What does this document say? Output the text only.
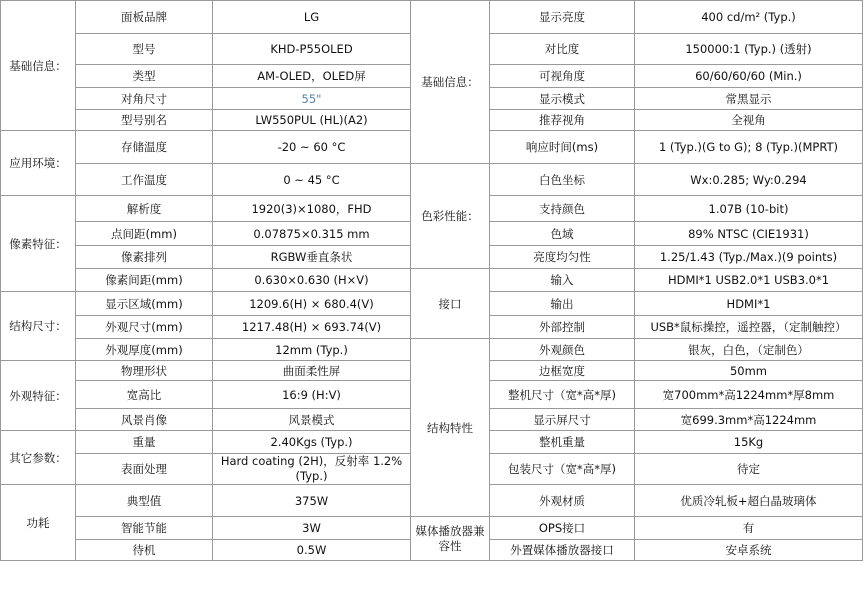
基础信息：	面板品牌	LG	基础信息：	显示亮度	400 cd/m² (Typ.)
	型号	KHD-P55OLED		对比度	150000:1 (Typ.) (透射)
	类型	AM-OLED，OLED屏		可视角度	60/60/60/60 (Min.)
	对角尺寸	55"		显示模式	常黑显示
	型号别名	LW550PUL (HL)(A2)		推荐视角	全视角
应用环境：	存储温度	-20 ~ 60 °C		响应时间(ms)	1 (Typ.)(G to G); 8 (Typ.)(MPRT)

	工作温度	0 ~ 45 °C	色彩性能：	白色坐标	Wx:0.285; Wy:0.294
像素特征：	解析度	1920(3)×1080，FHD		支持颜色	1.07B (10-bit)
	点间距(mm)	0.07875×0.315 mm		色域	89% NTSC (CIE1931)
	像素排列	RGBW垂直条状		亮度均匀性	1.25/1.43 (Typ./Max.)(9 points)
	像素间距(mm)	0.630×0.630 (H×V)	接口	输入	HDMI*1 USB2.0*1 USB3.0*1
结构尺寸：	显示区域(mm)	1209.6(H) × 680.4(V)		输出	HDMI*1
	外观尺寸(mm)	1217.48(H) × 693.74(V)		外部控制	USB*鼠标操控，遥控器，（定制触控）
	外观厚度(mm)	12mm (Typ.)	结构特性	外观颜色	银灰，白色，（定制色）
外观特征：	物理形状	曲面柔性屏		边框宽度	50mm
	宽高比	16:9 (H:V)		整机尺寸（宽*高*厚)	宽700mm*高1224mm*厚8mm
	风景肖像	风景模式		显示屏尺寸	宽699.3mm*高1224mm
其它参数：	重量	2.40Kgs (Typ.)		整机重量	15Kg
	表面处理	Hard coating (2H)，反射率 1.2% (Typ.)		包装尺寸（宽*高*厚)	待定
功耗	典型值	375W		外观材质	优质冷轧板+超白晶玻璃体
	智能节能	3W	媒体播放器兼容性	OPS接口	有
	待机	0.5W		外置媒体播放器接口	安卓系统
